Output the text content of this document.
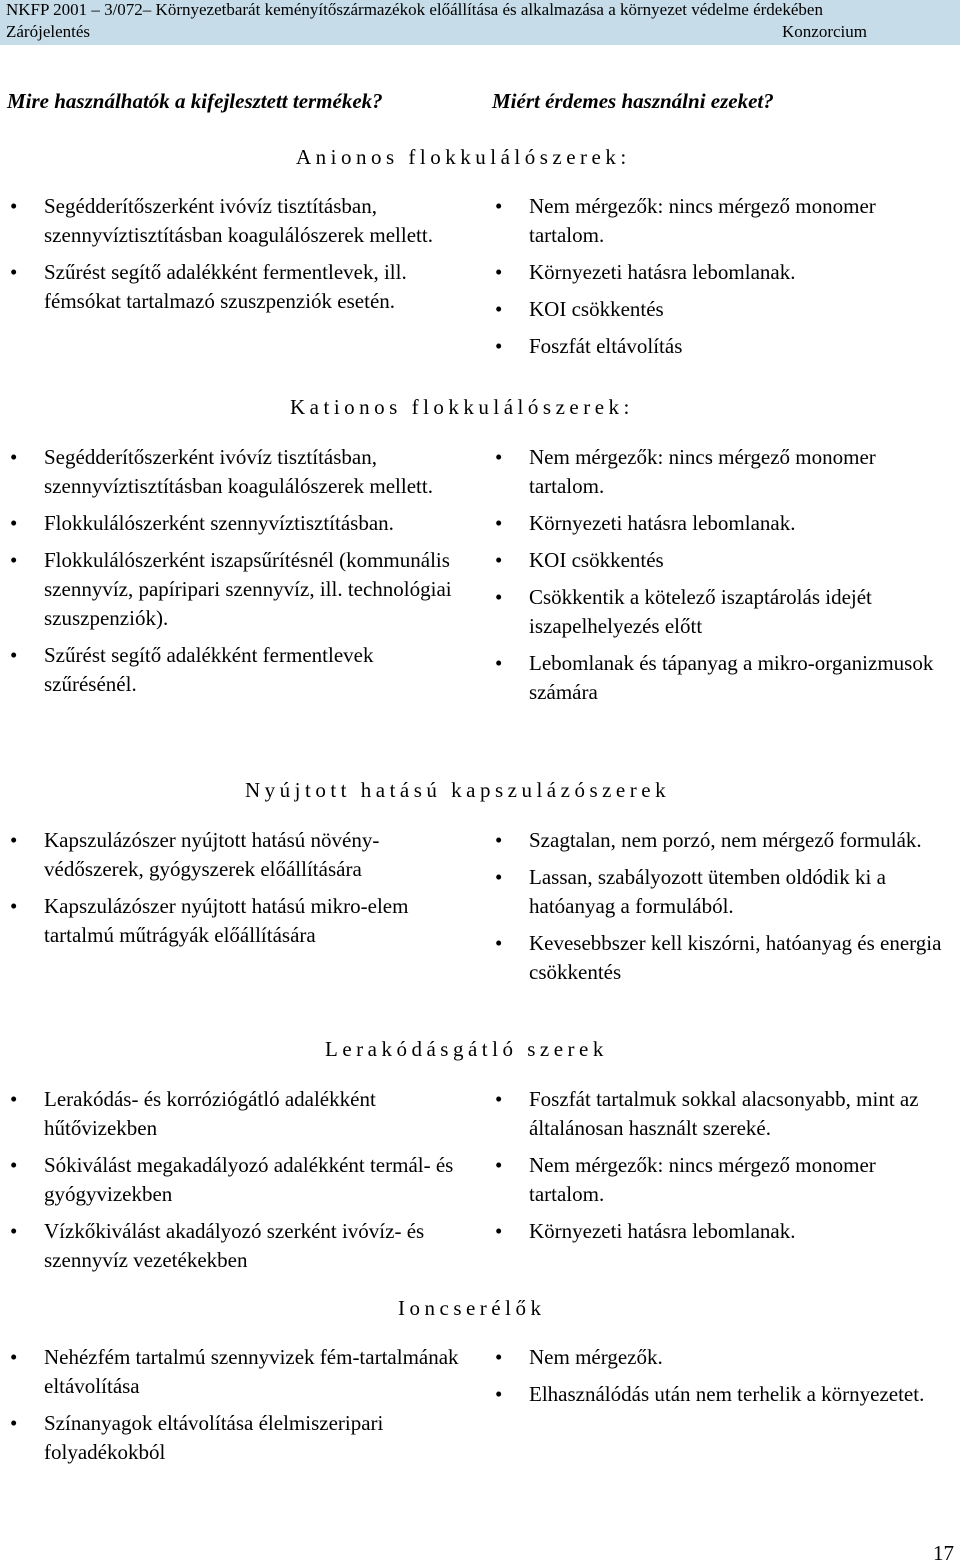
NKFP 2001 – 3/072– Környezetbarát keményítőszármazékok előállítása és alkalmazása a környezet védelme érdekében
Zárójelentés	Konzorcium
Mire használhatók a kifejlesztett termékek?	Miért érdemes használni ezeket?
Anionos flokkulálószerek:
• Segédderítőszerként ivóvíz tisztításban, szennyvíztisztításban koagulálószerek mellett.
• Szűrést segítő adalékként fermentlevek, ill. fémsókat tartalmazó szuszpenziók esetén.
• Nem mérgezők: nincs mérgező monomer tartalom.
• Környezeti hatásra lebomlanak.
• KOI csökkentés
• Foszfát eltávolítás
Kationos flokkulálószerek:
• Segédderítőszerként ivóvíz tisztításban, szennyvíztisztításban koagulálószerek mellett.
• Flokkulálószerként szennyvíztisztításban.
• Flokkulálószerként iszapsűrítésnél (kommunális szennyvíz, papíripari szennyvíz, ill. technológiai szuszpenziók).
• Szűrést segítő adalékként fermentlevek szűrésénél.
• Nem mérgezők: nincs mérgező monomer tartalom.
• Környezeti hatásra lebomlanak.
• KOI csökkentés
• Csökkentik a kötelező iszaptárolás idejét iszapelhelyezés előtt
• Lebomlanak és tápanyag a mikro-organizmusok számára
Nyújtott hatású kapszulázószerek
• Kapszulázószer nyújtott hatású növény-védőszerek, gyógyszerek előállítására
• Kapszulázószer nyújtott hatású mikro-elem tartalmú műtrágyák előállítására
• Szagtalan, nem porzó, nem mérgező formulák.
• Lassan, szabályozott ütemben oldódik ki a hatóanyag a formulából.
• Kevesebbszer kell kiszórni, hatóanyag és energia csökkentés
Lerakódásgátló szerek
• Lerakódás- és korróziógátló adalékként hűtővizekben
• Sókiválást megakadályozó adalékként termál- és gyógyvizekben
• Vízkőkiválást akadályozó szerként ivóvíz- és szennyvíz vezetékekben
• Foszfát tartalmuk sokkal alacsonyabb, mint az általánosan használt szereké.
• Nem mérgezők: nincs mérgező monomer tartalom.
• Környezeti hatásra lebomlanak.
Ioncserélők
• Nehézfém tartalmú szennyvizek fém-tartalmának eltávolítása
• Színanyagok eltávolítása élelmiszeripari folyadékokból
• Nem mérgezők.
• Elhasználódás után nem terhelik a környezetet.
17
